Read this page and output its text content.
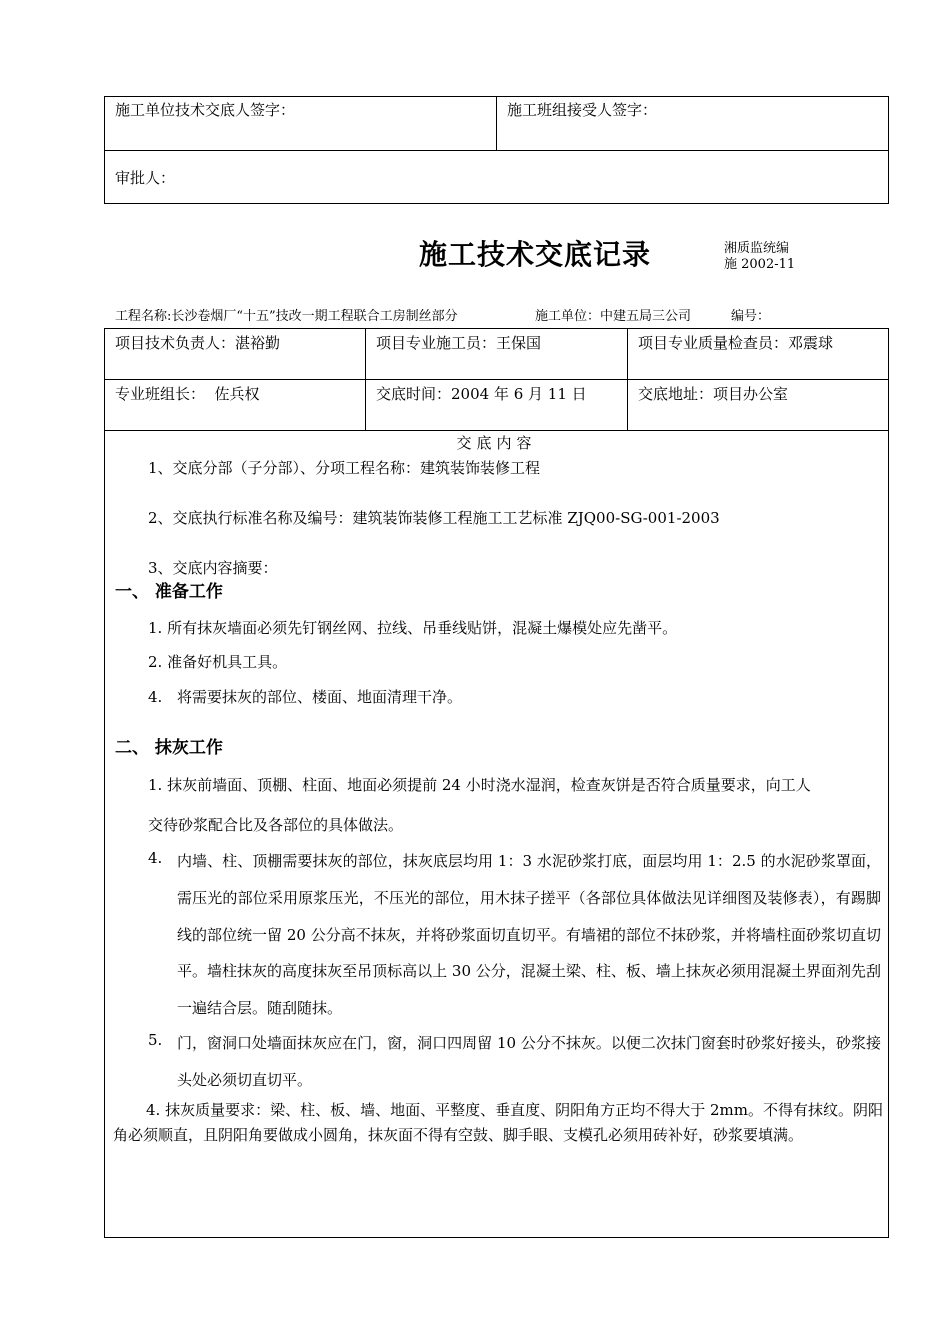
施工单位技术交底人签字：	施工班组接受人签字：
审批人：
施工技术交底记录	湘质监统编
施 2002-11
工程名称:长沙卷烟厂“十五”技改一期工程联合工房制丝部分	施工单位：中建五局三公司	编号：
项目技术负责人：湛裕勤	项目专业施工员：王保国	项目专业质量检查员：邓震球
专业班组长：  佐兵权	交底时间：2004 年 6 月 11 日	交底地址：项目办公室
交底内容
1、交底分部（子分部）、分项工程名称：建筑装饰装修工程
2、交底执行标准名称及编号：建筑装饰装修工程施工工艺标准 ZJQ00-SG-001-2003
3、交底内容摘要：
一、 准备工作
1. 所有抹灰墙面必须先钉钢丝网、拉线、吊垂线贴饼，混凝土爆模处应先凿平。
2. 准备好机具工具。
4. 将需要抹灰的部位、楼面、地面清理干净。
二、 抹灰工作
1. 抹灰前墙面、顶棚、柱面、地面必须提前 24 小时浇水湿润，检查灰饼是否符合质量要求，向工人
交待砂浆配合比及各部位的具体做法。
4. 内墙、柱、顶棚需要抹灰的部位，抹灰底层均用 1：3 水泥砂浆打底，面层均用 1：2.5 的水泥砂浆罩面，需压光的部位采用原浆压光，不压光的部位，用木抹子搓平（各部位具体做法见详细图及装修表），有踢脚线的部位统一留 20 公分高不抹灰，并将砂浆面切直切平。有墙裙的部位不抹砂浆，并将墙柱面砂浆切直切平。墙柱抹灰的高度抹灰至吊顶标高以上 30 公分，混凝土梁、柱、板、墙上抹灰必须用混凝土界面剂先刮一遍结合层。随刮随抹。
5. 门，窗洞口处墙面抹灰应在门，窗，洞口四周留 10 公分不抹灰。以便二次抹门窗套时砂浆好接头，砂浆接头处必须切直切平。
4. 抹灰质量要求：梁、柱、板、墙、地面、平整度、垂直度、阴阳角方正均不得大于 2mm。不得有抹纹。阴阳角必须顺直，且阴阳角要做成小圆角，抹灰面不得有空鼓、脚手眼、支模孔必须用砖补好，砂浆要填满。
